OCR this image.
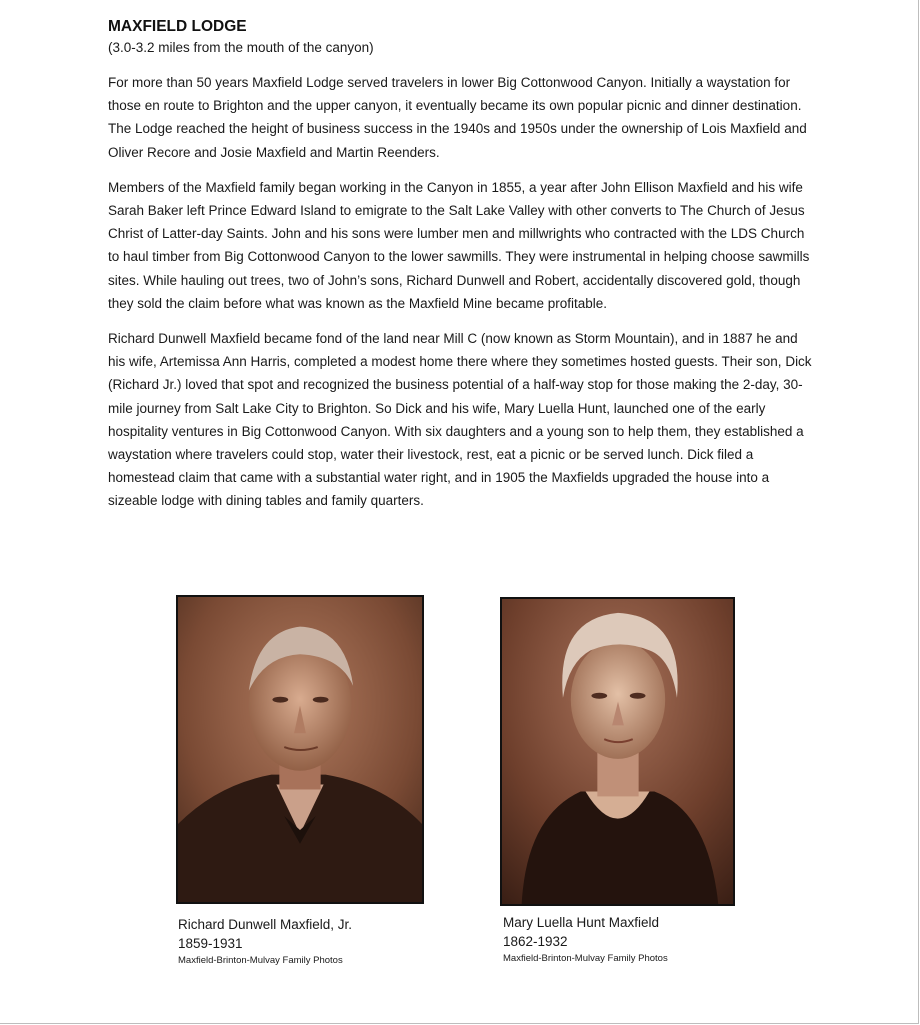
MAXFIELD LODGE

(3.0-3.2 miles from the mouth of the canyon)

For more than 50 years Maxfield Lodge served travelers in lower Big Cottonwood Canyon. Initially a waystation for those en route to Brighton and the upper canyon, it eventually became its own popular picnic and dinner destination. The Lodge reached the height of business success in the 1940s and 1950s under the ownership of Lois Maxfield and Oliver Recore and Josie Maxfield and Martin Reenders.

Members of the Maxfield family began working in the Canyon in 1855, a year after John Ellison Maxfield and his wife Sarah Baker left Prince Edward Island to emigrate to the Salt Lake Valley with other converts to The Church of Jesus Christ of Latter-day Saints. John and his sons were lumber men and millwrights who contracted with the LDS Church to haul timber from Big Cottonwood Canyon to the lower sawmills. They were instrumental in helping choose sawmills sites. While hauling out trees, two of John’s sons, Richard Dunwell and Robert, accidentally discovered gold, though they sold the claim before what was known as the Maxfield Mine became profitable.

Richard Dunwell Maxfield became fond of the land near Mill C (now known as Storm Mountain), and in 1887 he and his wife, Artemissa Ann Harris, completed a modest home there where they sometimes hosted guests. Their son, Dick (Richard Jr.) loved that spot and recognized the business potential of a half-way stop for those making the 2-day, 30-mile journey from Salt Lake City to Brighton. So Dick and his wife, Mary Luella Hunt, launched one of the early hospitality ventures in Big Cottonwood Canyon. With six daughters and a young son to help them, they established a waystation where travelers could stop, water their livestock, rest, eat a picnic or be served lunch. Dick filed a homestead claim that came with a substantial water right, and in 1905 the Maxfields upgraded the house into a sizeable lodge with dining tables and family quarters.

Richard Dunwell Maxfield, Jr.
1859-1931
Maxfield-Brinton-Mulvay Family Photos
Mary Luella Hunt Maxfield
1862-1932
Maxfield-Brinton-Mulvay Family Photos
